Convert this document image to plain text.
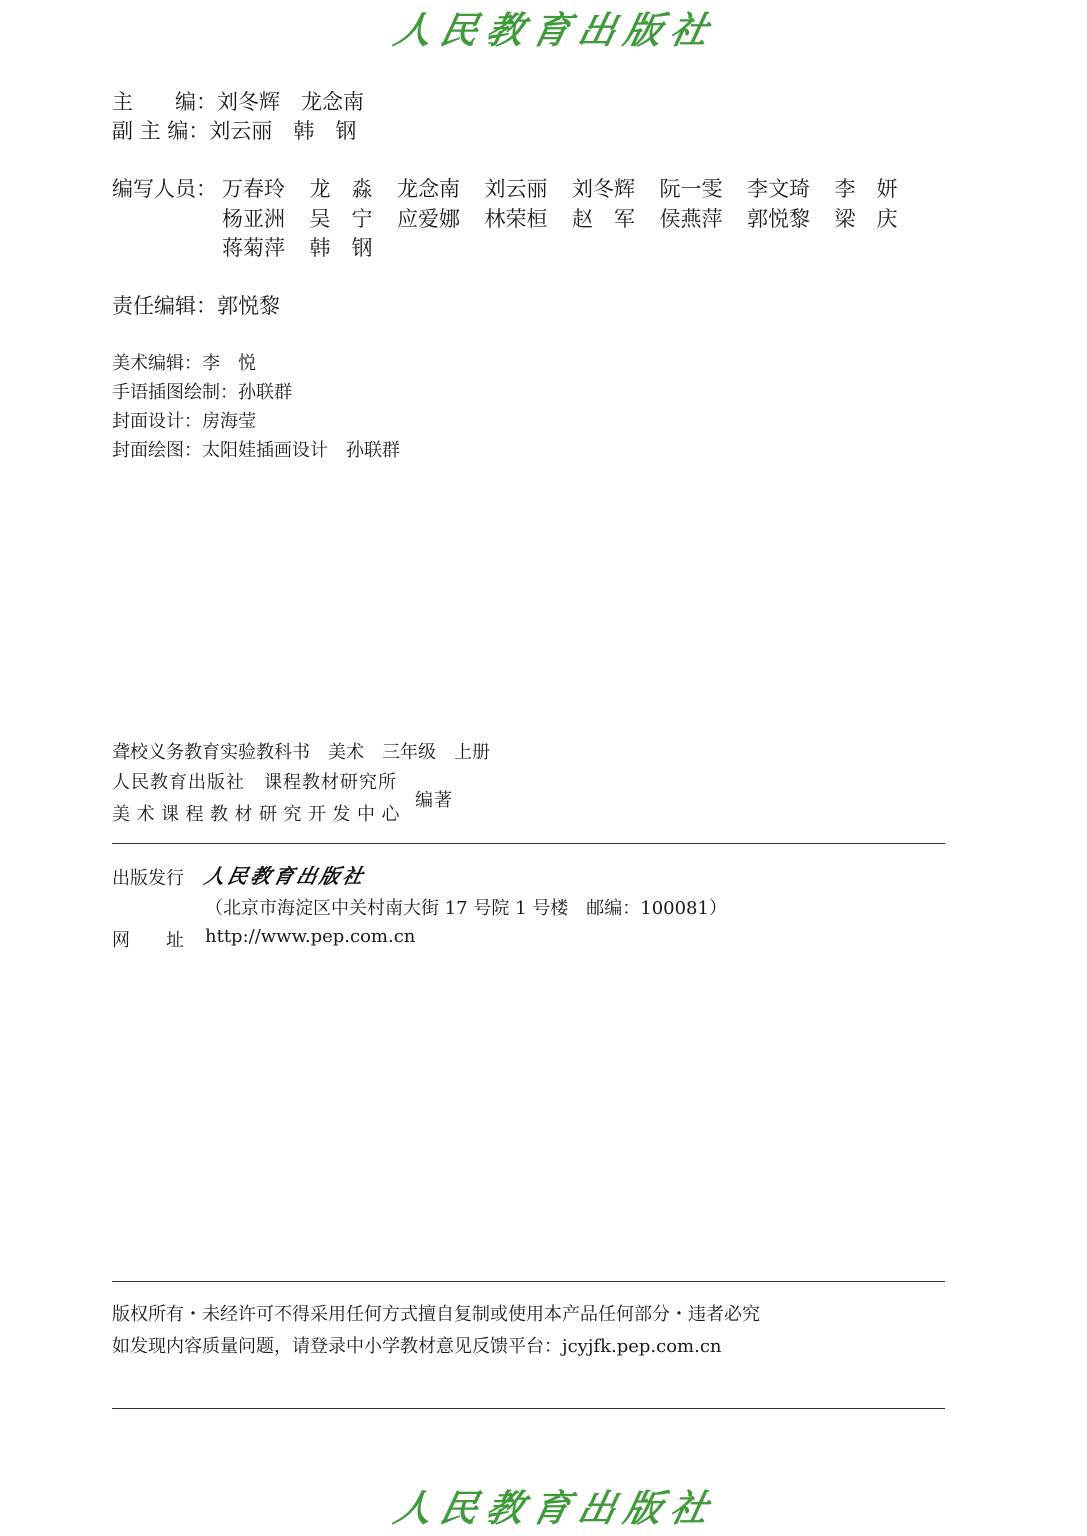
人民教育出版社
主　　编：刘冬辉　龙念南
副 主 编：刘云丽　韩　钢
编写人员： 万春玲 龙　淼 龙念南 刘云丽 刘冬辉 阮一雯 李文琦 李　妍
杨亚洲 吴　宁 应爱娜 林荣桓 赵　军 侯燕萍 郭悦黎 梁　庆
蒋菊萍 韩　钢
责任编辑：郭悦黎
美术编辑：李　悦
手语插图绘制：孙联群
封面设计：房海莹
封面绘图：太阳娃插画设计　孙联群
聋校义务教育实验教科书　美术　三年级　上册
人民教育出版社　课程教材研究所
美术课程教材研究开发中心
编著
出版发行 人民教育出版社
（北京市海淀区中关村南大街 17 号院 1 号楼　邮编：100081）
网　　址 http://www.pep.com.cn
版权所有・未经许可不得采用任何方式擅自复制或使用本产品任何部分・违者必究
如发现内容质量问题，请登录中小学教材意见反馈平台：jcyjfk.pep.com.cn
人民教育出版社
